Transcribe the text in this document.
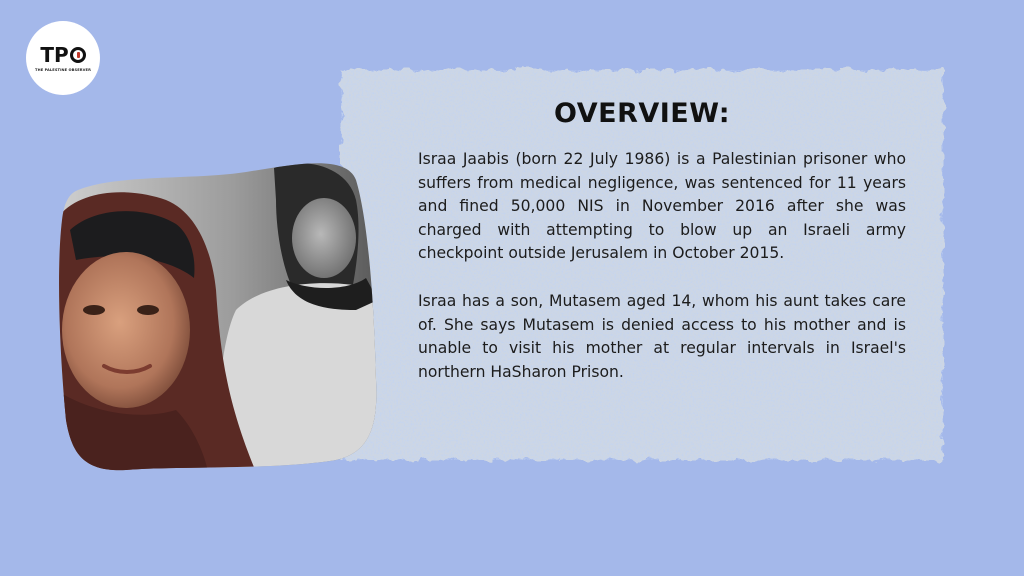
TP
THE PALESTINE OBSERVER
OVERVIEW:

Israa Jaabis (born 22 July 1986) is a Palestinian prisoner who suffers from medical negligence, was sentenced for 11 years and fined 50,000 NIS in November 2016 after she was charged with attempting to blow up an Israeli army checkpoint outside Jerusalem in October 2015.

Israa has a son, Mutasem aged 14, whom his aunt takes care of. She says Mutasem is denied access to his mother and is unable to visit his mother at regular intervals in Israel's northern HaSharon Prison.
